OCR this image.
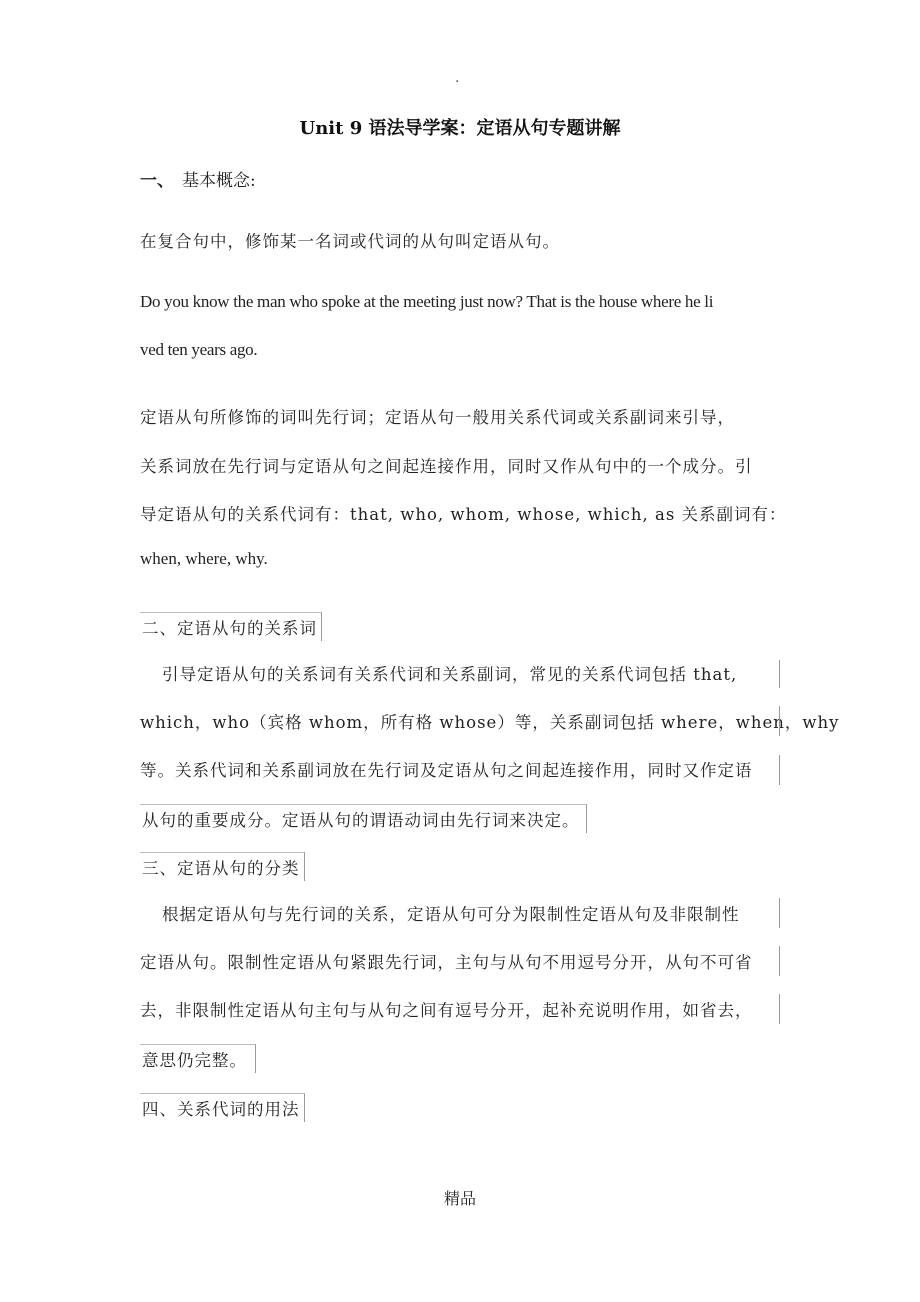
.
Unit 9 语法导学案：定语从句专题讲解
一、 基本概念:
在复合句中，修饰某一名词或代词的从句叫定语从句。
Do you know the man who spoke at the meeting just now? That is the house where he li
ved ten years ago.
定语从句所修饰的词叫先行词；定语从句一般用关系代词或关系副词来引导，
关系词放在先行词与定语从句之间起连接作用，同时又作从句中的一个成分。引
导定语从句的关系代词有：that, who, whom, whose, which, as 关系副词有：
when, where, why.
二、定语从句的关系词
引导定语从句的关系词有关系代词和关系副词，常见的关系代词包括 that,
which，who（宾格 whom，所有格 whose）等，关系副词包括 where，when，why
等。关系代词和关系副词放在先行词及定语从句之间起连接作用，同时又作定语
从句的重要成分。定语从句的谓语动词由先行词来决定。
三、定语从句的分类
根据定语从句与先行词的关系，定语从句可分为限制性定语从句及非限制性
定语从句。限制性定语从句紧跟先行词，主句与从句不用逗号分开，从句不可省
去，非限制性定语从句主句与从句之间有逗号分开，起补充说明作用，如省去，
意思仍完整。
四、关系代词的用法
精品
